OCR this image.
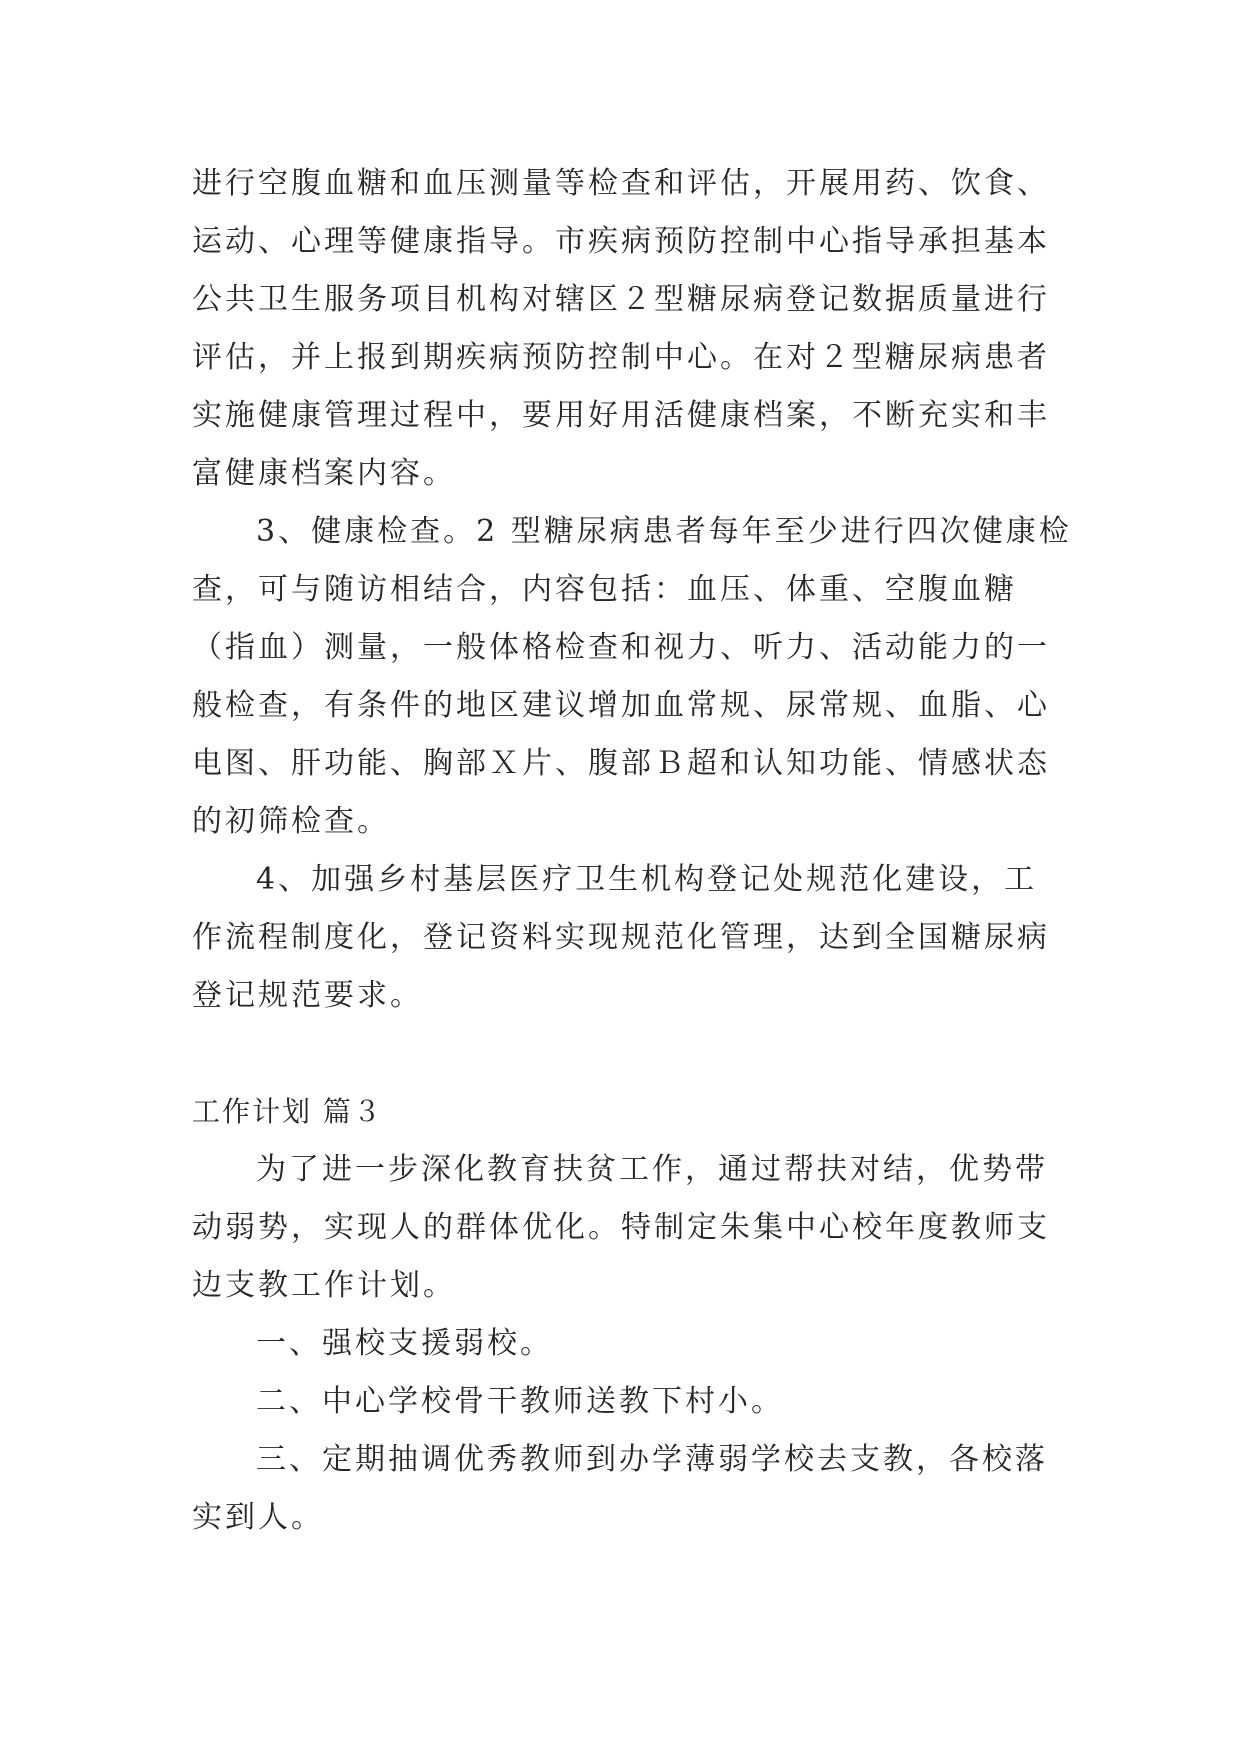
进行空腹血糖和血压测量等检查和评估，开展用药、饮食、
运动、心理等健康指导。市疾病预防控制中心指导承担基本
公共卫生服务项目机构对辖区２型糖尿病登记数据质量进行
评估，并上报到期疾病预防控制中心。在对２型糖尿病患者
实施健康管理过程中，要用好用活健康档案，不断充实和丰
富健康档案内容。
3、健康检查。2 型糖尿病患者每年至少进行四次健康检
查，可与随访相结合，内容包括：血压、体重、空腹血糖
（指血）测量，一般体格检查和视力、听力、活动能力的一
般检查，有条件的地区建议增加血常规、尿常规、血脂、心
电图、肝功能、胸部Ｘ片、腹部Ｂ超和认知功能、情感状态
的初筛检查。
4、加强乡村基层医疗卫生机构登记处规范化建设，工
作流程制度化，登记资料实现规范化管理，达到全国糖尿病
登记规范要求。
工作计划 篇３
为了进一步深化教育扶贫工作，通过帮扶对结，优势带
动弱势，实现人的群体优化。特制定朱集中心校年度教师支
边支教工作计划。
一、强校支援弱校。
二、中心学校骨干教师送教下村小。
三、定期抽调优秀教师到办学薄弱学校去支教，各校落
实到人。
